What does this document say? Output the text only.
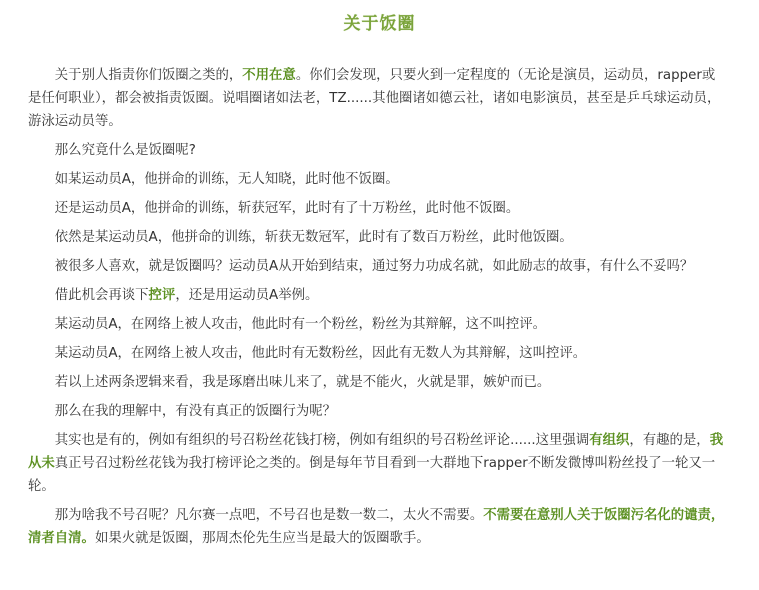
关于饭圈

关于别人指责你们饭圈之类的，不用在意。你们会发现，只要火到一定程度的（无论是演员，运动员，rapper或是任何职业），都会被指责饭圈。说唱圈诸如法老，TZ......其他圈诸如德云社，诸如电影演员，甚至是乒乓球运动员，游泳运动员等。

那么究竟什么是饭圈呢?

如某运动员A，他拼命的训练，无人知晓，此时他不饭圈。

还是运动员A，他拼命的训练，斩获冠军，此时有了十万粉丝，此时他不饭圈。

依然是某运动员A，他拼命的训练，斩获无数冠军，此时有了数百万粉丝，此时他饭圈。

被很多人喜欢，就是饭圈吗？运动员A从开始到结束，通过努力功成名就，如此励志的故事，有什么不妥吗？

借此机会再谈下控评，还是用运动员A举例。

某运动员A，在网络上被人攻击，他此时有一个粉丝，粉丝为其辩解，这不叫控评。

某运动员A，在网络上被人攻击，他此时有无数粉丝，因此有无数人为其辩解，这叫控评。

若以上述两条逻辑来看，我是琢磨出味儿来了，就是不能火，火就是罪，嫉妒而已。

那么在我的理解中，有没有真正的饭圈行为呢？

其实也是有的，例如有组织的号召粉丝花钱打榜，例如有组织的号召粉丝评论......这里强调有组织，有趣的是，我从未真正号召过粉丝花钱为我打榜评论之类的。倒是每年节目看到一大群地下rapper不断发微博叫粉丝投了一轮又一轮。

那为啥我不号召呢？凡尔赛一点吧，不号召也是数一数二，太火不需要。不需要在意别人关于饭圈污名化的谴责，清者自清。如果火就是饭圈，那周杰伦先生应当是最大的饭圈歌手。
